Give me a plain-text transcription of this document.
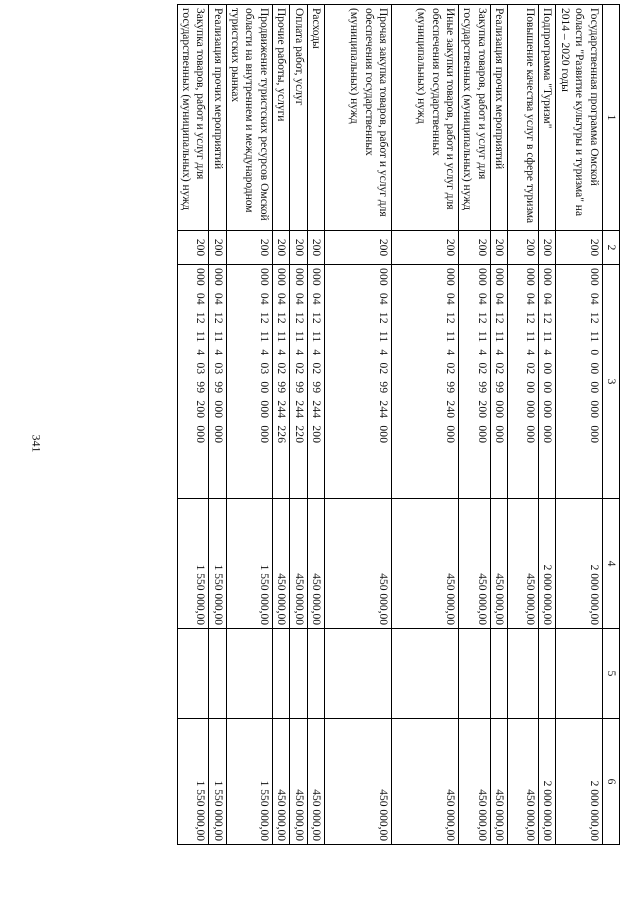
341
1	2	3	4	5	6
Государственная программа Омской области "Развитие культуры и туризма" на 2014 – 2020 годы	200	000 04 12 11 0 00 00 000 000	2 000 000,00		2 000 000,00
Подпрограмма "Туризм"	200	000 04 12 11 4 00 00 000 000	2 000 000,00		2 000 000,00
Повышение качества услуг в сфере туризма	200	000 04 12 11 4 02 00 000 000	450 000,00		450 000,00
Реализация прочих мероприятий	200	000 04 12 11 4 02 99 000 000	450 000,00		450 000,00
Закупка товаров, работ и услуг для государственных (муниципальных) нужд	200	000 04 12 11 4 02 99 200 000	450 000,00		450 000,00
Иные закупки товаров, работ и услуг для обеспечения государственных (муниципальных) нужд	200	000 04 12 11 4 02 99 240 000	450 000,00		450 000,00
Прочая закупка товаров, работ и услуг для обеспечения государственных (муниципальных) нужд	200	000 04 12 11 4 02 99 244 000	450 000,00		450 000,00
Расходы	200	000 04 12 11 4 02 99 244 200	450 000,00		450 000,00
Оплата работ, услуг	200	000 04 12 11 4 02 99 244 220	450 000,00		450 000,00
Прочие работы, услуги	200	000 04 12 11 4 02 99 244 226	450 000,00		450 000,00
Продвижение туристских ресурсов Омской области на внутреннем и международном туристских рынках	200	000 04 12 11 4 03 00 000 000	1 550 000,00		1 550 000,00
Реализация прочих мероприятий	200	000 04 12 11 4 03 99 000 000	1 550 000,00		1 550 000,00
Закупка товаров, работ и услуг для государственных (муниципальных) нужд	200	000 04 12 11 4 03 99 200 000	1 550 000,00		1 550 000,00
